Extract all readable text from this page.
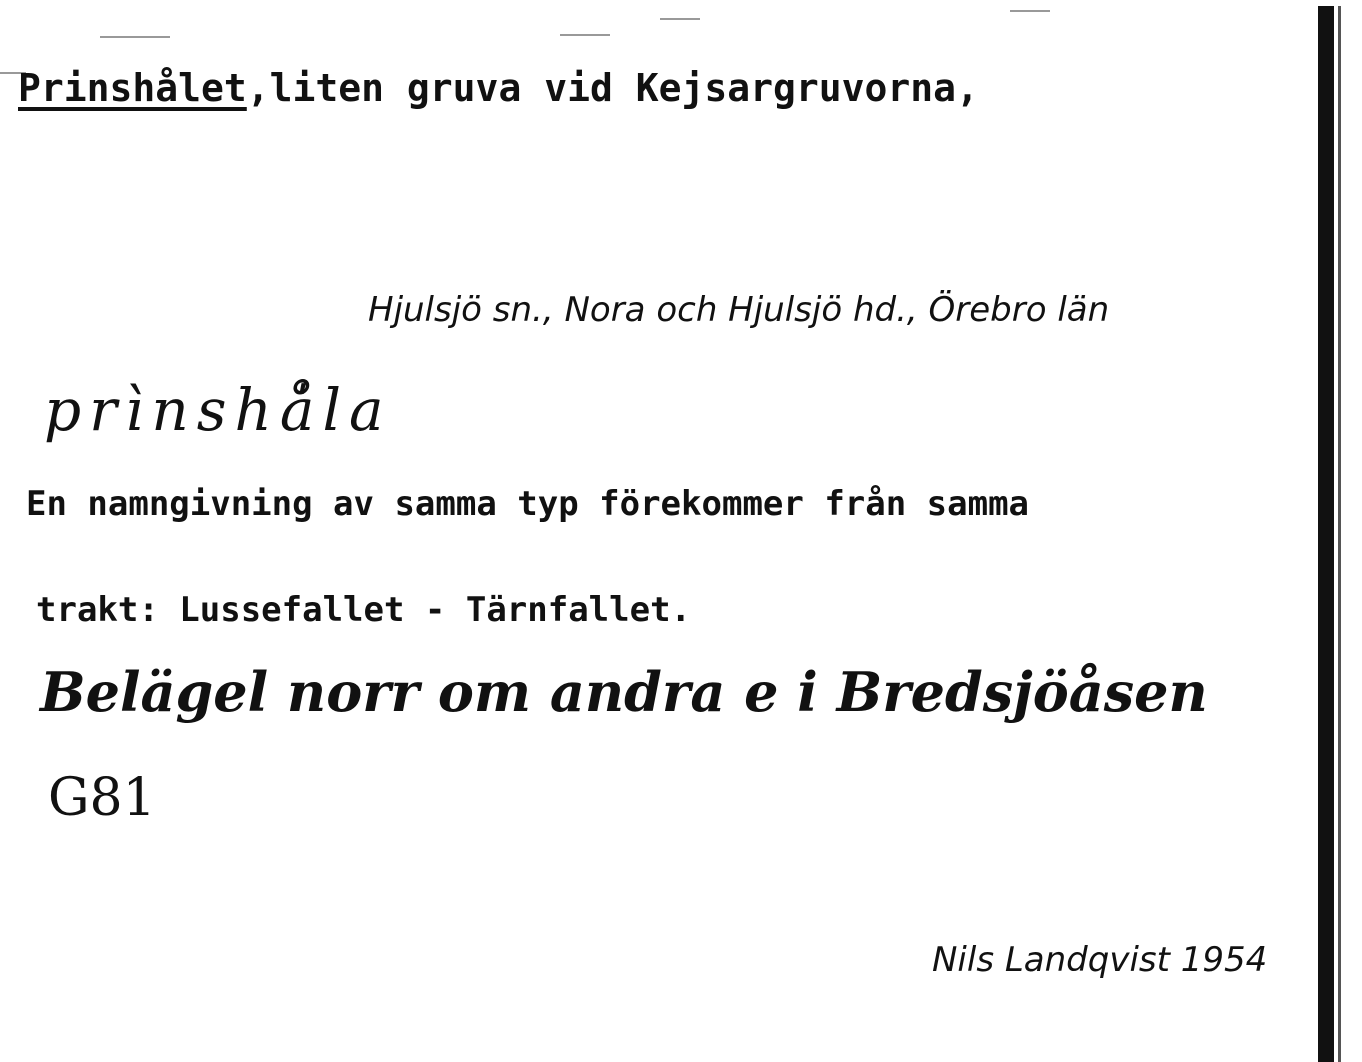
Prinshålet,liten gruva vid Kejsargruvorna,
Hjulsjö sn., Nora och Hjulsjö hd., Örebro län
prìnshå̍la
En namngivning av samma typ förekommer från samma
trakt: Lussefallet - Tärnfallet.
Belägel norr om andra e i Bredsjöåsen
G81
Nils Landqvist 1954
